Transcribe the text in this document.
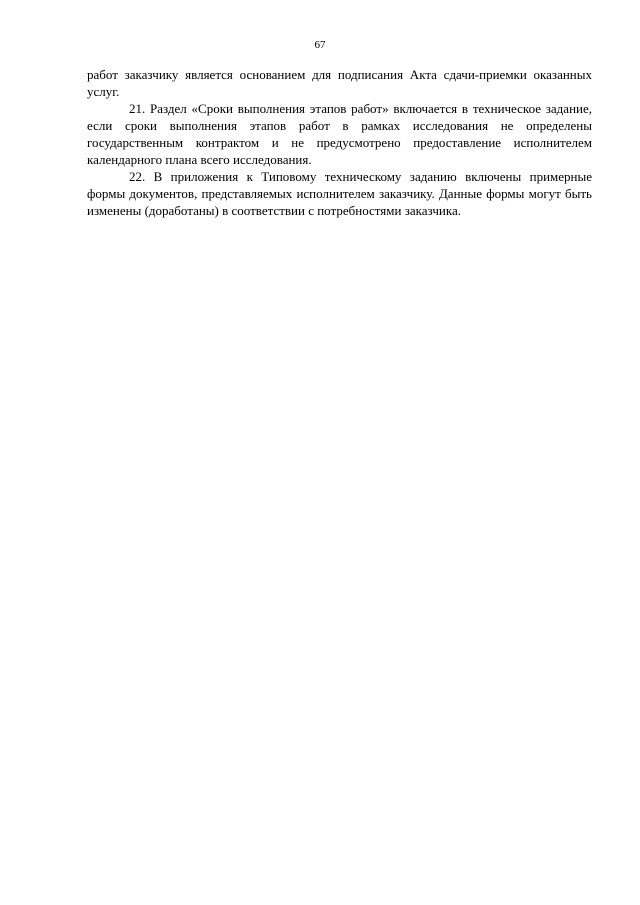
67

работ заказчику является основанием для подписания Акта сдачи-приемки оказанных услуг.

21. Раздел «Сроки выполнения этапов работ» включается в техническое задание, если сроки выполнения этапов работ в рамках исследования не определены государственным контрактом и не предусмотрено предоставление исполнителем календарного плана всего исследования.

22. В приложения к Типовому техническому заданию включены примерные формы документов, представляемых исполнителем заказчику. Данные формы могут быть изменены (доработаны) в соответствии с потребностями заказчика.
